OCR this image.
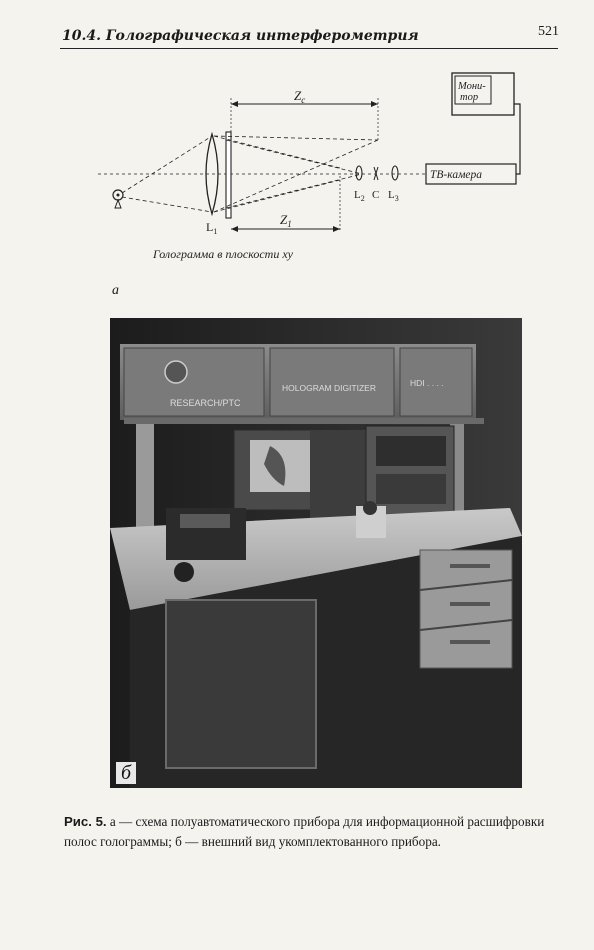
10.4. Голографическая интерферометрия	521
$Z_c$
$Z_1$
$L_1$
$L_2$ C $L_3$
ТВ-камера
Мони-
тор
Голограмма в плоскости xy
а
RESEARCH/PTC
HOLOGRAM DIGITIZER	HDI . . . .
б
Рис. 5. а — схема полуавтоматического прибора для информационной расшифровки полос голограммы; б — внешний вид укомплектованного прибора.
